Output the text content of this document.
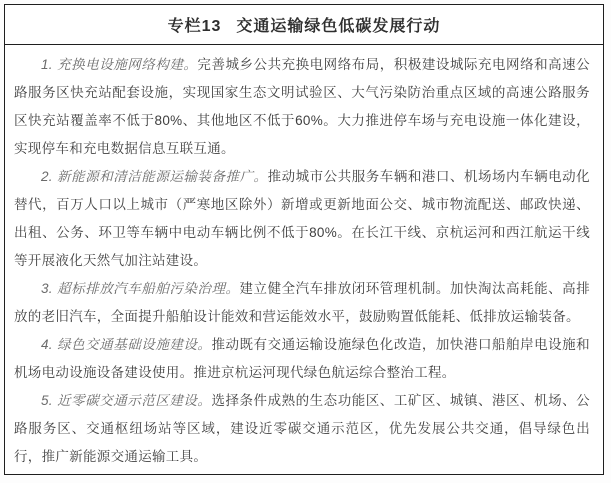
专栏13 交通运输绿色低碳发展行动

1. 充换电设施网络构建。完善城乡公共充换电网络布局，积极建设城际充电网络和高速公路服务区快充站配套设施，实现国家生态文明试验区、大气污染防治重点区域的高速公路服务区快充站覆盖率不低于80%、其他地区不低于60%。大力推进停车场与充电设施一体化建设，实现停车和充电数据信息互联互通。

2. 新能源和清洁能源运输装备推广。推动城市公共服务车辆和港口、机场场内车辆电动化替代，百万人口以上城市（严寒地区除外）新增或更新地面公交、城市物流配送、邮政快递、出租、公务、环卫等车辆中电动车辆比例不低于80%。在长江干线、京杭运河和西江航运干线等开展液化天然气加注站建设。

3. 超标排放汽车船舶污染治理。建立健全汽车排放闭环管理机制。加快淘汰高耗能、高排放的老旧汽车，全面提升船舶设计能效和营运能效水平，鼓励购置低能耗、低排放运输装备。

4. 绿色交通基础设施建设。推动既有交通运输设施绿色化改造，加快港口船舶岸电设施和机场电动设施设备建设使用。推进京杭运河现代绿色航运综合整治工程。

5. 近零碳交通示范区建设。选择条件成熟的生态功能区、工矿区、城镇、港区、机场、公路服务区、交通枢纽场站等区域，建设近零碳交通示范区，优先发展公共交通，倡导绿色出行，推广新能源交通运输工具。
